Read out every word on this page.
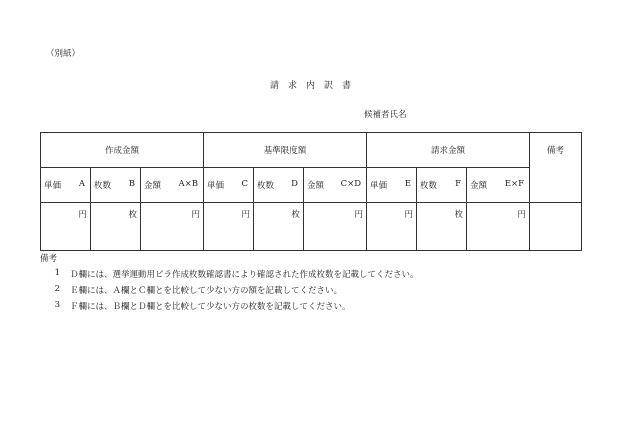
（別紙）
請求内訳書
候補者氏名
作成金額			基準限度額			請求金額			備考

単価 A	枚数 B	金額 A×B	単価 C	枚数 D	金額 C×D	単価 E	枚数 F	金額 E×F	

円	枚	円	円	枚	円	円	枚	円	
備考
1	Ｄ欄には、選挙運動用ビラ作成枚数確認書により確認された作成枚数を記載してください。
2	Ｅ欄には、Ａ欄とＣ欄とを比較して少ない方の額を記載してください。
3	Ｆ欄には、Ｂ欄とＤ欄とを比較して少ない方の枚数を記載してください。
